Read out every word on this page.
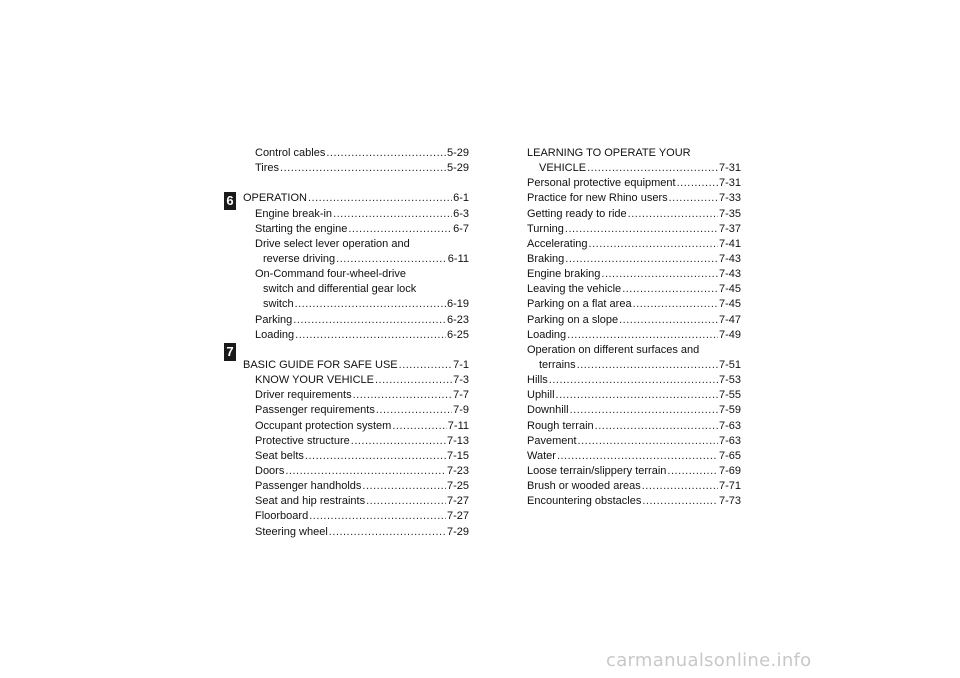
6
7
Control cables .....	5-29
Tires .....	5-29
OPERATION .....	6-1
Engine break-in .....	6-3
Starting the engine .....	6-7
Drive select lever operation and
reverse driving .....	6-11
On-Command four-wheel-drive
switch and differential gear lock
switch .....	6-19
Parking .....	6-23
Loading .....	6-25
BASIC GUIDE FOR SAFE USE .....	7-1
KNOW YOUR VEHICLE .....	7-3
Driver requirements .....	7-7
Passenger requirements .....	7-9
Occupant protection system .....	7-11
Protective structure .....	7-13
Seat belts .....	7-15
Doors .....	7-23
Passenger handholds .....	7-25
Seat and hip restraints .....	7-27
Floorboard .....	7-27
Steering wheel .....	7-29
LEARNING TO OPERATE YOUR
VEHICLE .....	7-31
Personal protective equipment .....	7-31
Practice for new Rhino users .....	7-33
Getting ready to ride .....	7-35
Turning .....	7-37
Accelerating .....	7-41
Braking .....	7-43
Engine braking .....	7-43
Leaving the vehicle .....	7-45
Parking on a flat area .....	7-45
Parking on a slope .....	7-47
Loading .....	7-49
Operation on different surfaces and
terrains .....	7-51
Hills .....	7-53
Uphill .....	7-55
Downhill .....	7-59
Rough terrain .....	7-63
Pavement .....	7-63
Water .....	7-65
Loose terrain/slippery terrain .....	7-69
Brush or wooded areas .....	7-71
Encountering obstacles .....	7-73
carmanualsonline.info
